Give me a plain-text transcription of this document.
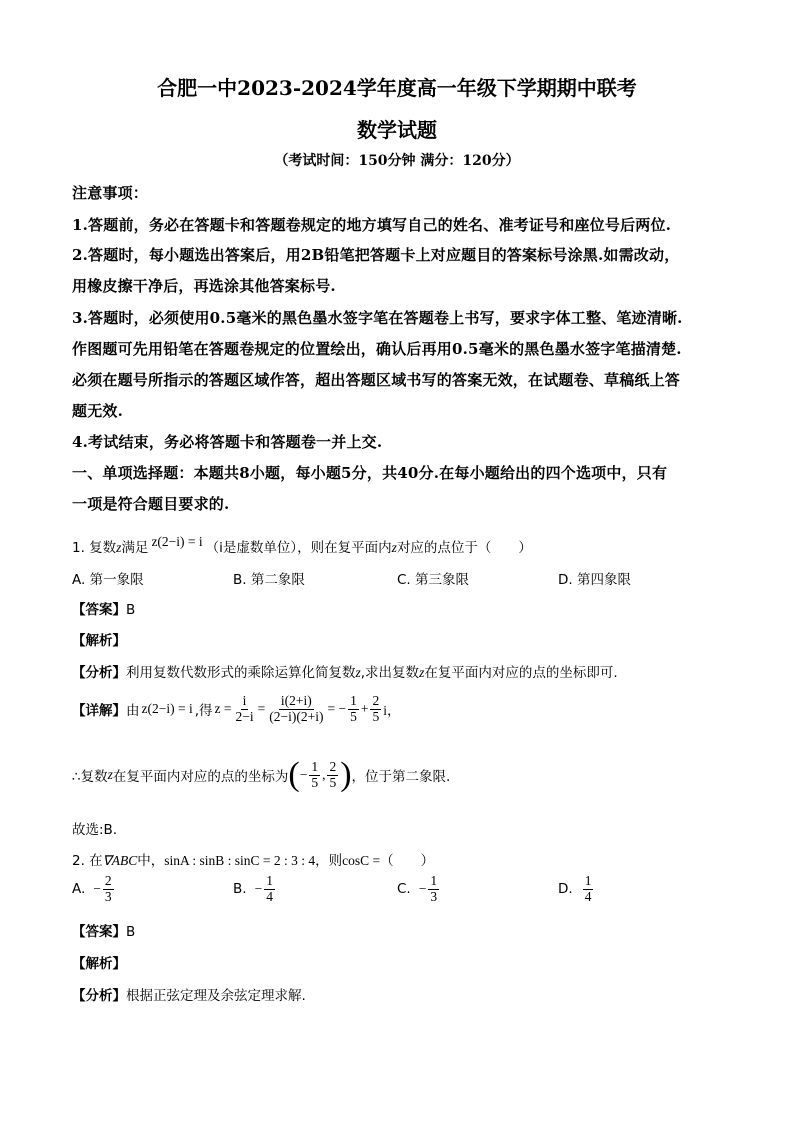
合肥一中2023-2024学年度高一年级下学期期中联考
数学试题
（考试时间：150分钟 满分：120分）
注意事项：
1.答题前，务必在答题卡和答题卷规定的地方填写自己的姓名、准考证号和座位号后两位.
2.答题时，每小题选出答案后，用2B铅笔把答题卡上对应题目的答案标号涂黑.如需改动，
用橡皮擦干净后，再选涂其他答案标号.
3.答题时，必须使用0.5毫米的黑色墨水签字笔在答题卷上书写，要求字体工整、笔迹清晰.
作图题可先用铅笔在答题卷规定的位置绘出，确认后再用0.5毫米的黑色墨水签字笔描清楚.
必须在题号所指示的答题区域作答，超出答题区域书写的答案无效，在试题卷、草稿纸上答
题无效.
4.考试结束，务必将答题卡和答题卷一并上交.
一、单项选择题：本题共8小题，每小题5分，共40分.在每小题给出的四个选项中，只有
一项是符合题目要求的.
1. 复数z满足 z(2−i) = i （i是虚数单位），则在复平面内z对应的点位于（　　）
A. 第一象限	B. 第二象限	C. 第三象限	D. 第四象限
【答案】B
【解析】
【分析】利用复数代数形式的乘除运算化简复数z,求出复数z在复平面内对应的点的坐标即可.
【详解】 由 z(2−i) = i ,得 $z = \frac{i}{2-i} = \frac{i(2+i)}{(2-i)(2+i)}$ = − $\frac{1}{5} + \frac{2}{5}$ i，
∴复数 z 在复平面内对应的点的坐标为 ( − $\frac{1}{5}$ , $\frac{2}{5}$ ) ，位于第二象限.
故选:B.
2. 在∇ABC中，sinA : sinB : sinC = 2 : 3 : 4，则cosC =（　　）
A. − $\frac{2}{3}$	B. − $\frac{1}{4}$	C. − $\frac{1}{3}$	D. $\frac{1}{4}$
【答案】B
【解析】
【分析】根据正弦定理及余弦定理求解.
